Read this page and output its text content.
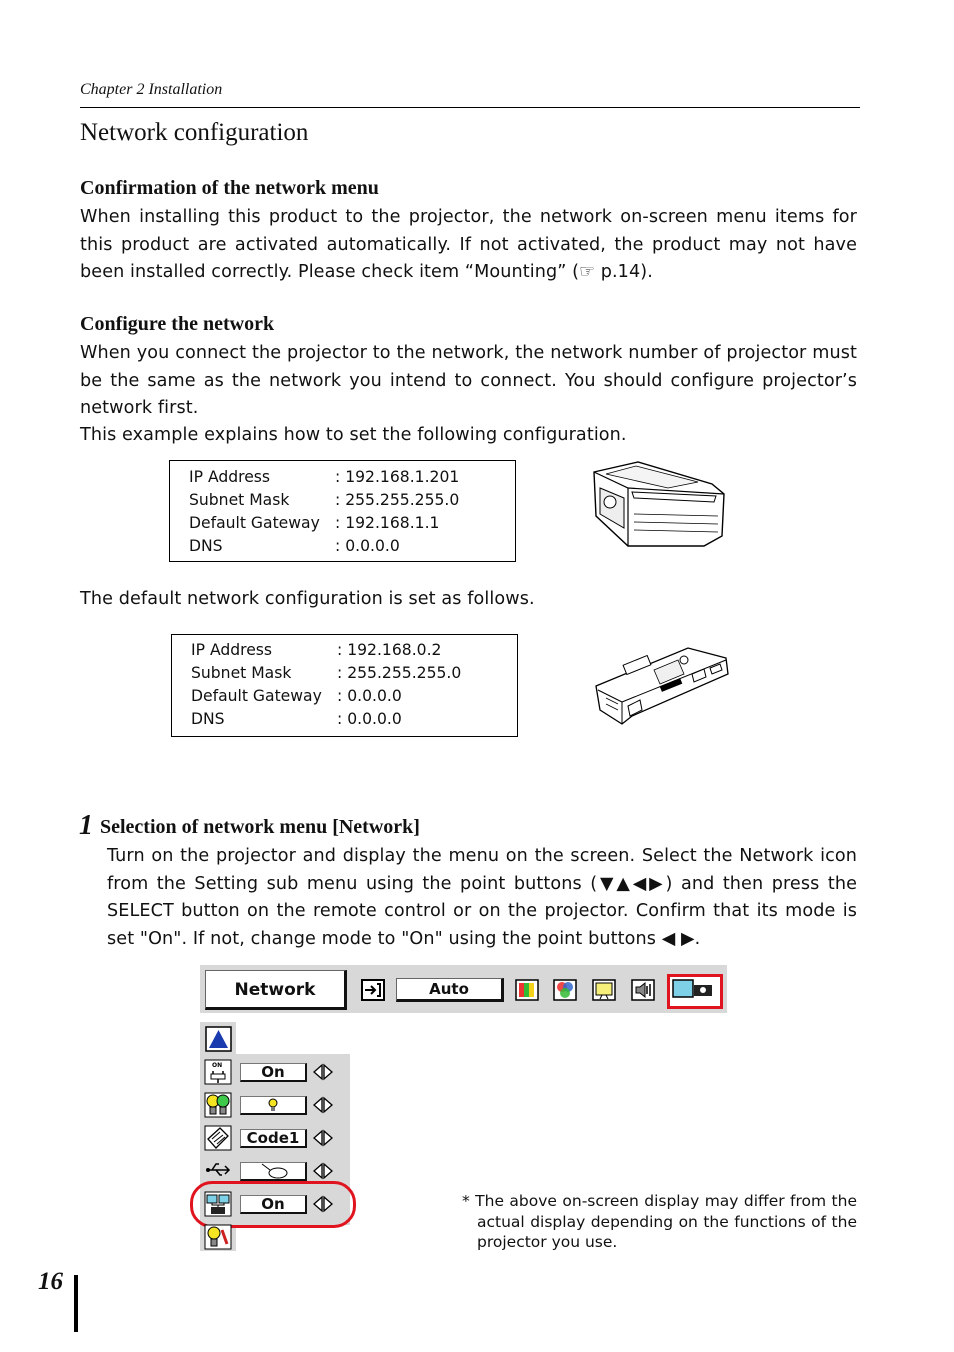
Chapter 2 Installation
Network configuration
Confirmation of the network menu
When installing this product to the projector, the network on-screen menu items for this product are activated automatically. If not activated, the product may not have been installed correctly. Please check item “Mounting” (☞ p.14).
Configure the network
When you connect the projector to the network, the network number of projector must be the same as the network you intend to connect. You should configure projector’s network first.
This example explains how to set the following configuration.
IP Address	: 192.168.1.201
Subnet Mask	: 255.255.255.0
Default Gateway : 192.168.1.1
DNS	: 0.0.0.0
The default network configuration is set as follows.
IP Address	: 192.168.0.2
Subnet Mask	: 255.255.255.0
Default Gateway : 0.0.0.0
DNS	: 0.0.0.0
1 Selection of network menu [Network]
Turn on the projector and display the menu on the screen. Select the Network icon from the Setting sub menu using the point buttons (▼▲◀▶) and then press the SELECT button on the remote control or on the projector. Confirm that its mode is set "On". If not, change mode to "On" using the point buttons ◀ ▶.
Network	Auto
ON	On
Code1
On	* The above on-screen display may differ from the actual display depending on the functions of the projector you use.
16
